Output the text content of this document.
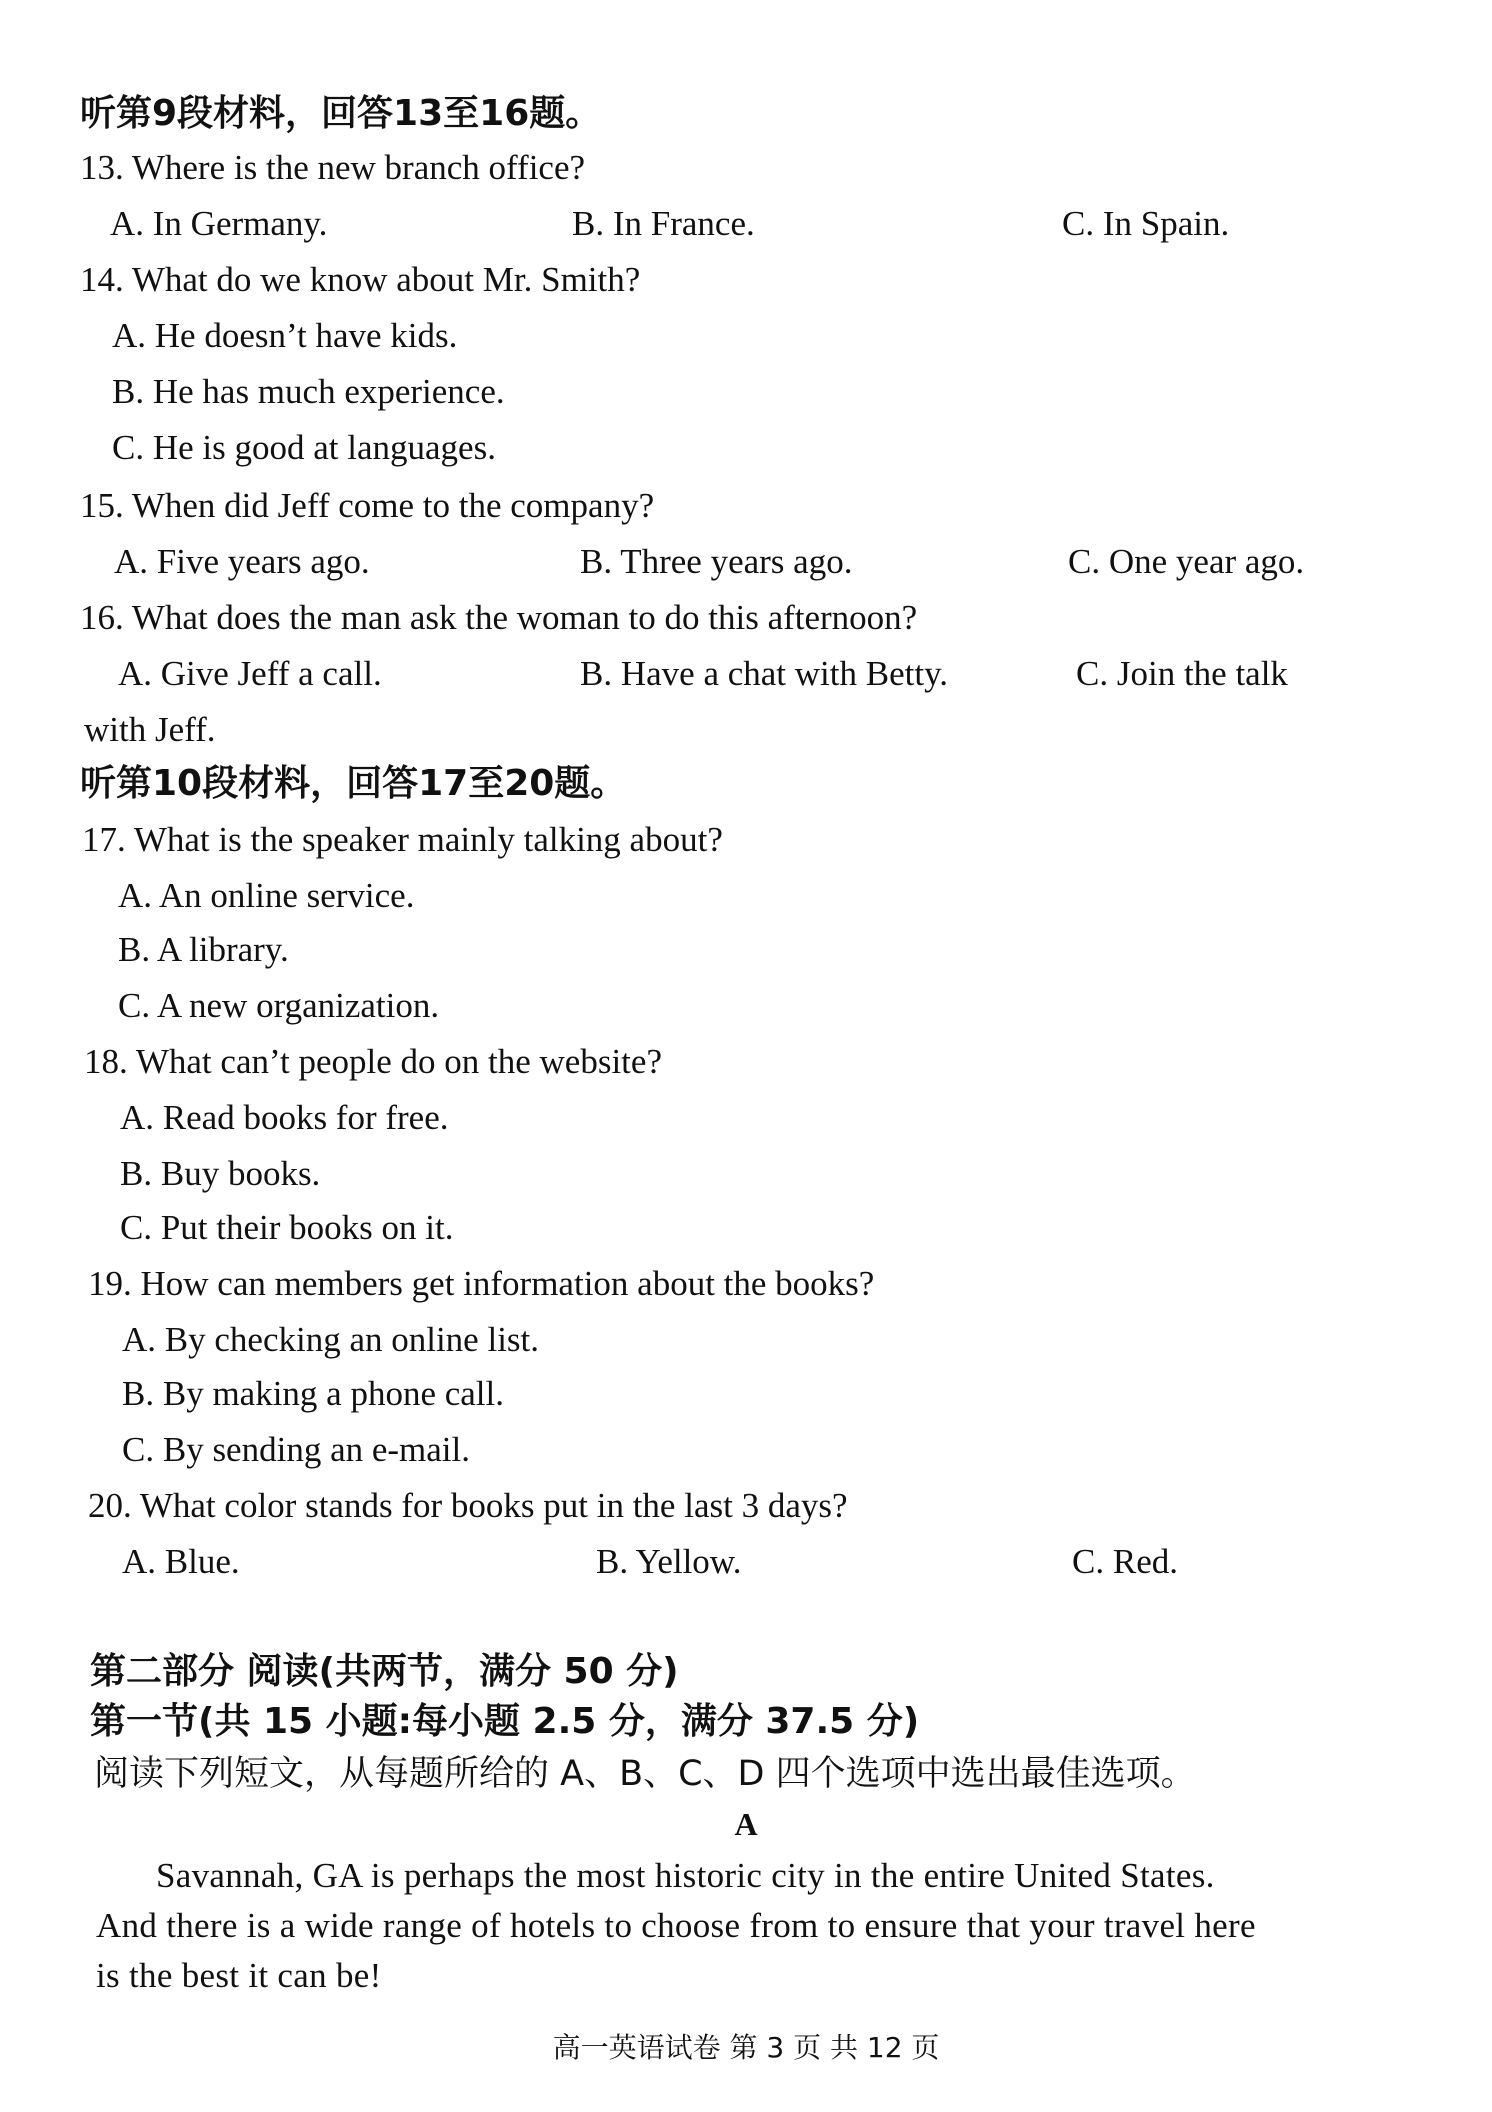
听第9段材料，回答13至16题。
13. Where is the new branch office?
A. In Germany.	B. In France.	C. In Spain.
14. What do we know about Mr. Smith?
A. He doesn’t have kids.
B. He has much experience.
C. He is good at languages.
15. When did Jeff come to the company?
A. Five years ago.	B. Three years ago.	C. One year ago.
16. What does the man ask the woman to do this afternoon?
A. Give Jeff a call.	B. Have a chat with Betty.	C. Join the talk
with Jeff.
听第10段材料，回答17至20题。
17. What is the speaker mainly talking about?
A. An online service.
B. A library.
C. A new organization.
18. What can’t people do on the website?
A. Read books for free.
B. Buy books.
C. Put their books on it.
19. How can members get information about the books?
A. By checking an online list.
B. By making a phone call.
C. By sending an e-mail.
20. What color stands for books put in the last 3 days?
A. Blue.	B. Yellow.	C. Red.
第二部分 阅读(共两节，满分 50 分)
第一节(共 15 小题:每小题 2.5 分，满分 37.5 分)
阅读下列短文，从每题所给的 A、B、C、D 四个选项中选出最佳选项。
A
Savannah, GA is perhaps the most historic city in the entire United States.
And there is a wide range of hotels to choose from to ensure that your travel here
is the best it can be!
高一英语试卷 第 3 页 共 12 页
